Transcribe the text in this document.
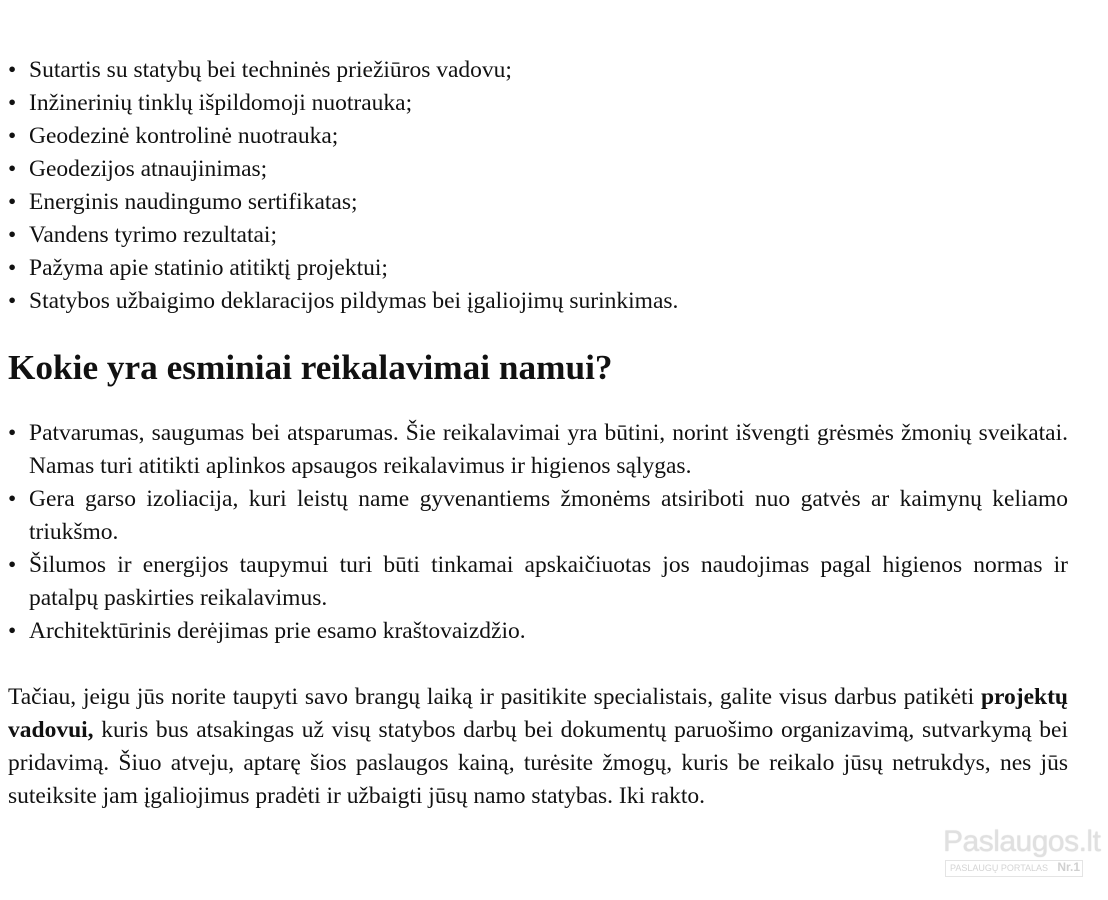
• Sutartis su statybų bei techninės priežiūros vadovu;
• Inžinerinių tinklų išpildomoji nuotrauka;
• Geodezinė kontrolinė nuotrauka;
• Geodezijos atnaujinimas;
• Energinis naudingumo sertifikatas;
• Vandens tyrimo rezultatai;
• Pažyma apie statinio atitiktį projektui;
• Statybos užbaigimo deklaracijos pildymas bei įgaliojimų surinkimas.
Kokie yra esminiai reikalavimai namui?
• Patvarumas, saugumas bei atsparumas. Šie reikalavimai yra būtini, norint išvengti grėsmės žmonių sveikatai. Namas turi atitikti aplinkos apsaugos reikalavimus ir higienos sąlygas.
• Gera garso izoliacija, kuri leistų name gyvenantiems žmonėms atsiriboti nuo gatvės ar kaimynų keliamo triukšmo.
• Šilumos ir energijos taupymui turi būti tinkamai apskaičiuotas jos naudojimas pagal higienos normas ir patalpų paskirties reikalavimus.
• Architektūrinis derėjimas prie esamo kraštovaizdžio.

Tačiau, jeigu jūs norite taupyti savo brangų laiką ir pasitikite specialistais, galite visus darbus patikėti projektų vadovui, kuris bus atsakingas už visų statybos darbų bei dokumentų paruošimo organizavimą, sutvarkymą bei pridavimą. Šiuo atveju, aptarę šios paslaugos kainą, turėsite žmogų, kuris be reikalo jūsų netrukdys, nes jūs suteiksite jam įgaliojimus pradėti ir užbaigti jūsų namo statybas. Iki rakto.

Paslaugos.lt
PASLAUGŲ PORTALAS Nr.1
